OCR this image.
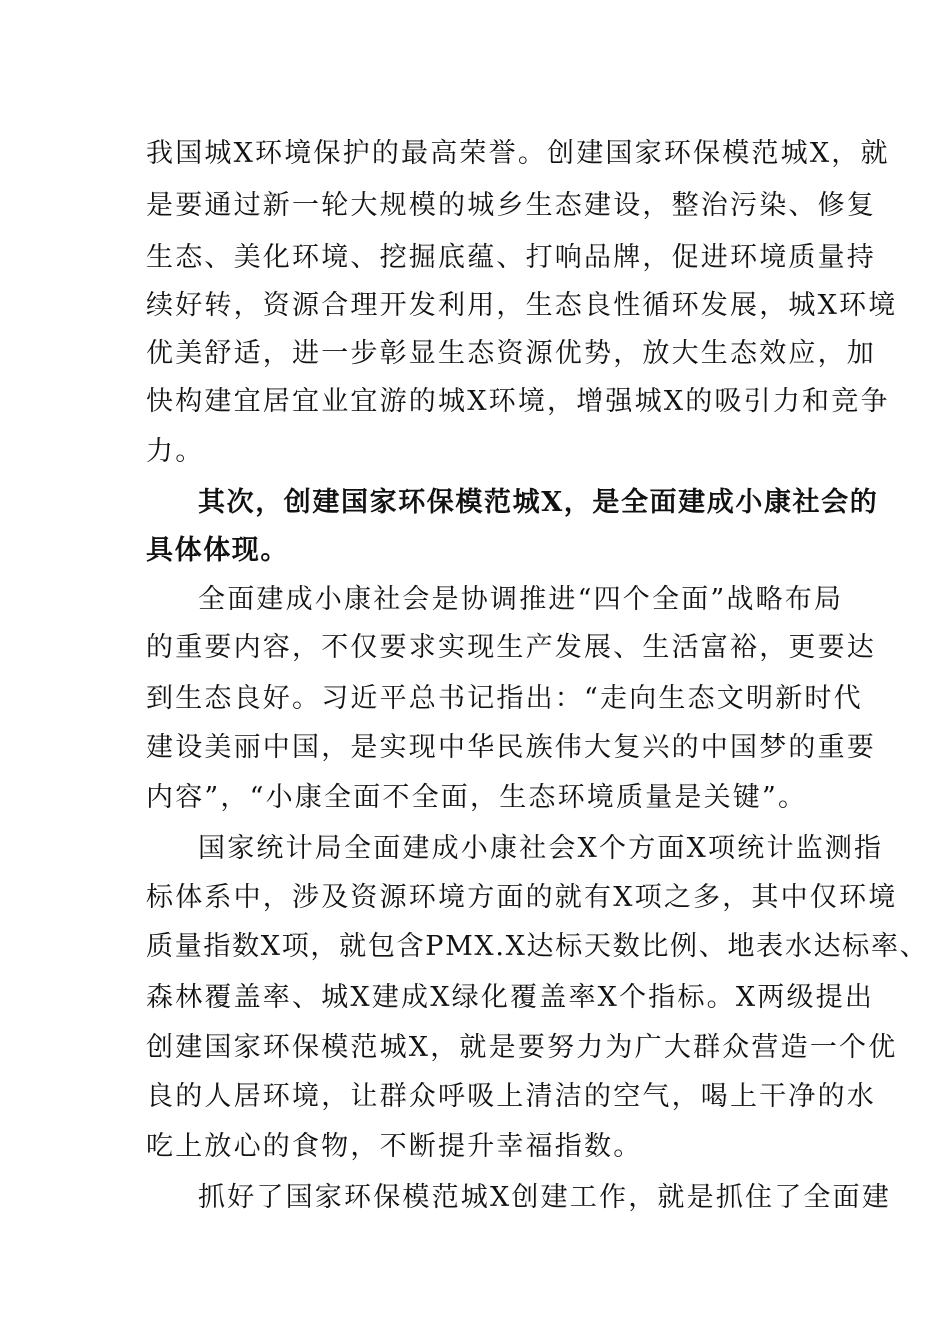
我国城X环境保护的最高荣誉。创建国家环保模范城X，就
是要通过新一轮大规模的城乡生态建设，整治污染、修复
生态、美化环境、挖掘底蕴、打响品牌，促进环境质量持
续好转，资源合理开发利用，生态良性循环发展，城X环境
优美舒适，进一步彰显生态资源优势，放大生态效应，加
快构建宜居宜业宜游的城X环境，增强城X的吸引力和竞争
力。
其次，创建国家环保模范城X，是全面建成小康社会的
具体体现。
全面建成小康社会是协调推进“四个全面”战略布局
的重要内容，不仅要求实现生产发展、生活富裕，更要达
到生态良好。习近平总书记指出：“走向生态文明新时代
建设美丽中国，是实现中华民族伟大复兴的中国梦的重要
内容”，“小康全面不全面，生态环境质量是关键”。
国家统计局全面建成小康社会X个方面X项统计监测指
标体系中，涉及资源环境方面的就有X项之多，其中仅环境
质量指数X项，就包含PMX.X达标天数比例、地表水达标率、
森林覆盖率、城X建成X绿化覆盖率X个指标。X两级提出
创建国家环保模范城X，就是要努力为广大群众营造一个优
良的人居环境，让群众呼吸上清洁的空气，喝上干净的水
吃上放心的食物，不断提升幸福指数。
抓好了国家环保模范城X创建工作，就是抓住了全面建
